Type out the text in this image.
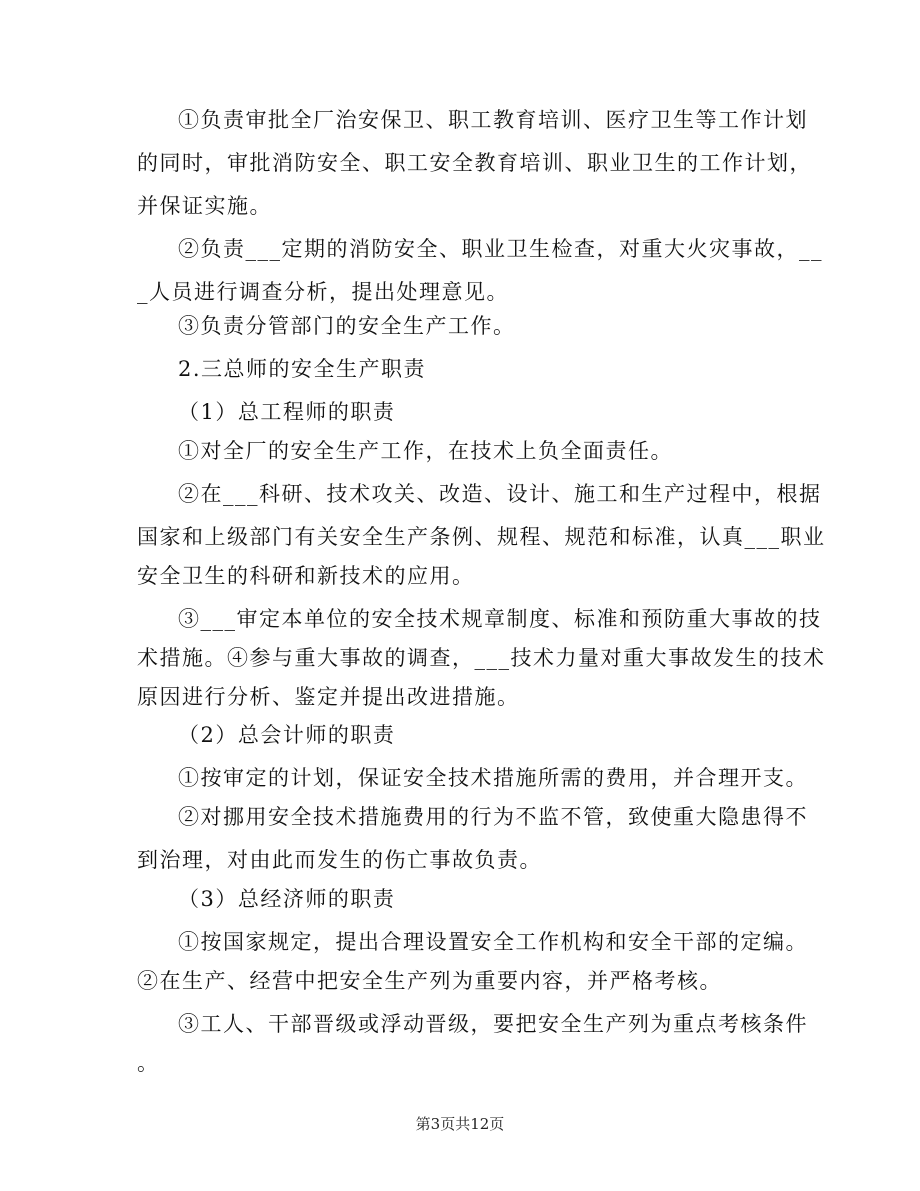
①负责审批全厂治安保卫、职工教育培训、医疗卫生等工作计划
的同时，审批消防安全、职工安全教育培训、职业卫生的工作计划，
并保证实施。
②负责___定期的消防安全、职业卫生检查，对重大火灾事故，__
_人员进行调查分析，提出处理意见。
③负责分管部门的安全生产工作。
2.三总师的安全生产职责
（1）总工程师的职责
①对全厂的安全生产工作，在技术上负全面责任。
②在___科研、技术攻关、改造、设计、施工和生产过程中，根据
国家和上级部门有关安全生产条例、规程、规范和标准，认真___职业
安全卫生的科研和新技术的应用。
③___审定本单位的安全技术规章制度、标准和预防重大事故的技
术措施。④参与重大事故的调查，___技术力量对重大事故发生的技术
原因进行分析、鉴定并提出改进措施。
（2）总会计师的职责
①按审定的计划，保证安全技术措施所需的费用，并合理开支。
②对挪用安全技术措施费用的行为不监不管，致使重大隐患得不
到治理，对由此而发生的伤亡事故负责。
（3）总经济师的职责
①按国家规定，提出合理设置安全工作机构和安全干部的定编。
②在生产、经营中把安全生产列为重要内容，并严格考核。
③工人、干部晋级或浮动晋级，要把安全生产列为重点考核条件
。
第3页共12页
